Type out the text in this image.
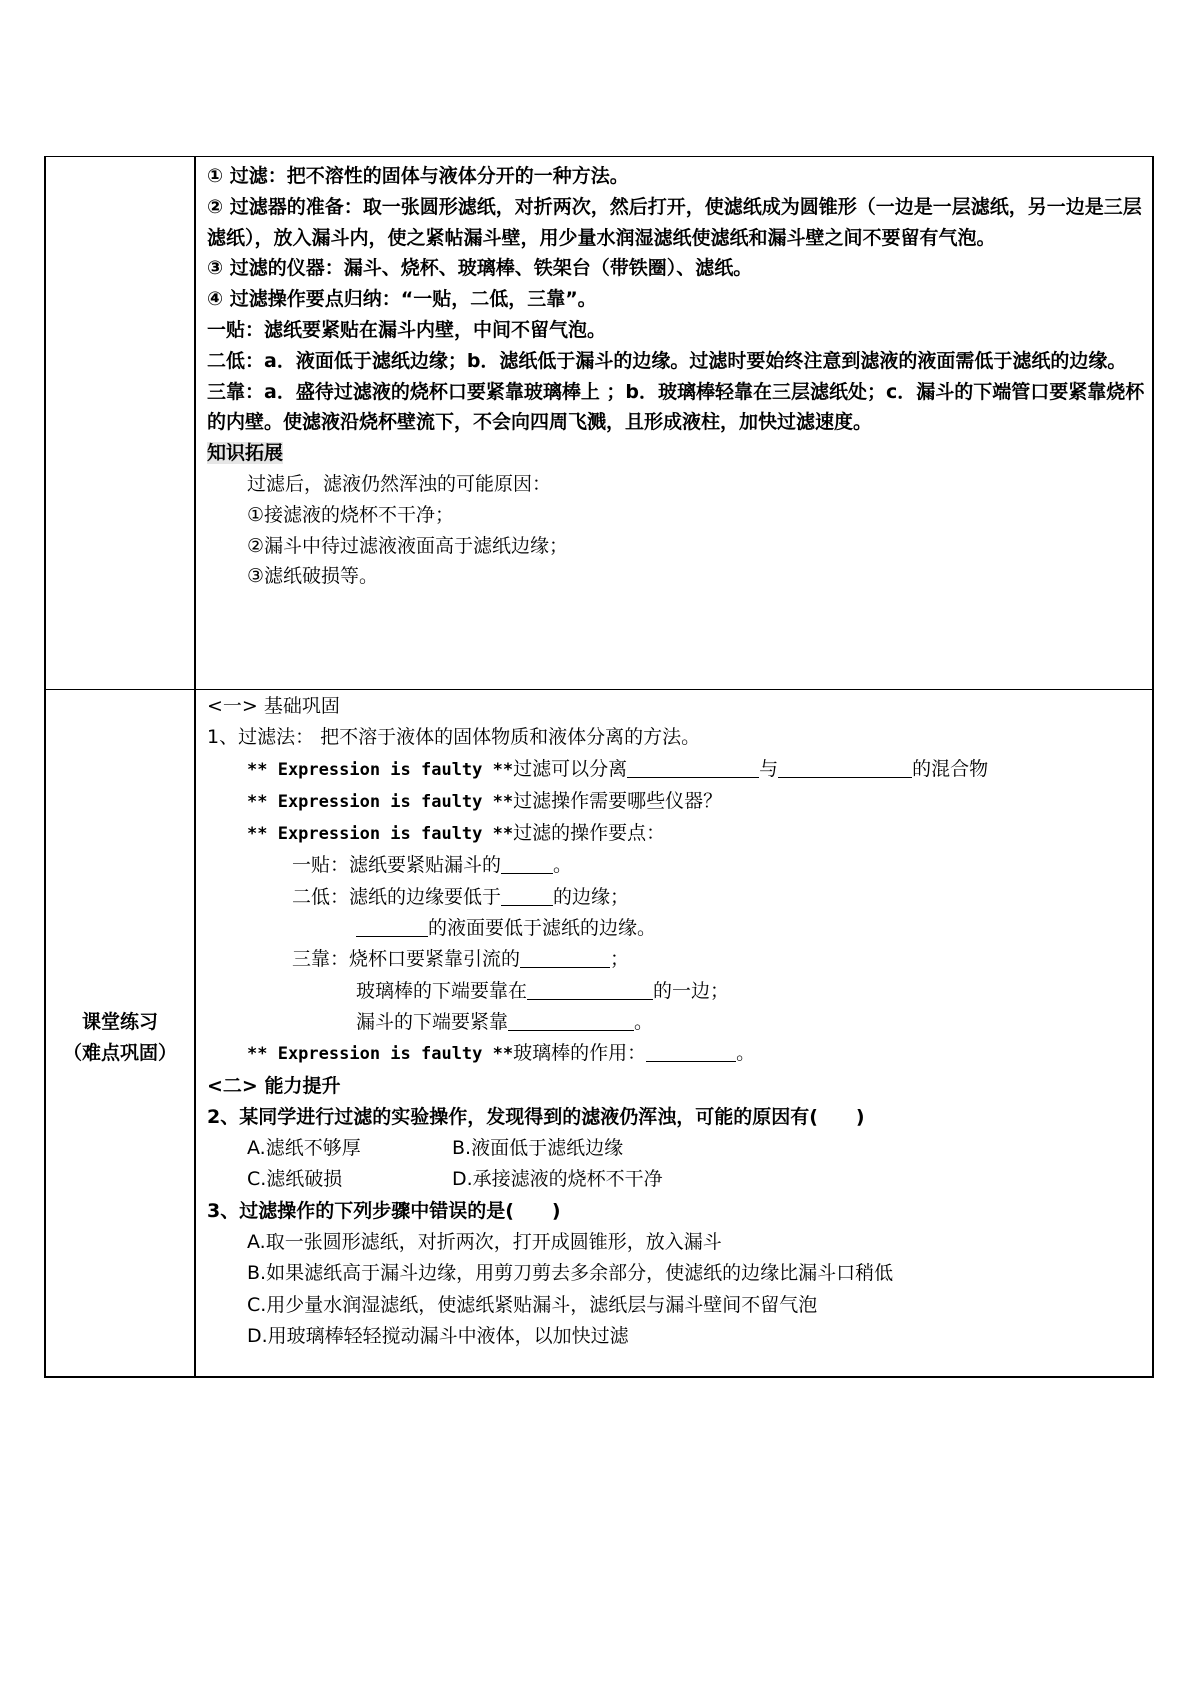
① 过滤：把不溶性的固体与液体分开的一种方法。

② 过滤器的准备：取一张圆形滤纸，对折两次，然后打开，使滤纸成为圆锥形（一边是一层滤纸，另一边是三层滤纸），放入漏斗内，使之紧帖漏斗壁，用少量水润湿滤纸使滤纸和漏斗壁之间不要留有气泡。

③ 过滤的仪器：漏斗、烧杯、玻璃棒、铁架台（带铁圈）、滤纸。

④ 过滤操作要点归纳：“一贴，二低，三靠”。

一贴：滤纸要紧贴在漏斗内壁，中间不留气泡。

二低：a．液面低于滤纸边缘；b．滤纸低于漏斗的边缘。过滤时要始终注意到滤液的液面需低于滤纸的边缘。

三靠：a．盛待过滤液的烧杯口要紧靠玻璃棒上 ；b．玻璃棒轻靠在三层滤纸处；c．漏斗的下端管口要紧靠烧杯的内壁。使滤液沿烧杯壁流下，不会向四周飞溅，且形成液柱，加快过滤速度。

知识拓展

过滤后，滤液仍然浑浊的可能原因：

①接滤液的烧杯不干净；

②漏斗中待过滤液液面高于滤纸边缘；

③滤纸破损等。

课堂练习
（难点巩固）

<一> 基础巩固

1、过滤法： 把不溶于液体的固体物质和液体分离的方法。

** Expression is faulty **过滤可以分离	与	的混合物

** Expression is faulty **过滤操作需要哪些仪器？

** Expression is faulty **过滤的操作要点：

一贴：滤纸要紧贴漏斗的	。

二低：滤纸的边缘要低于	的边缘；

的液面要低于滤纸的边缘。

三靠：烧杯口要紧靠引流的	；

玻璃棒的下端要靠在	的一边；

漏斗的下端要紧靠	。

** Expression is faulty **玻璃棒的作用：	。

<二> 能力提升

2、某同学进行过滤的实验操作，发现得到的滤液仍浑浊，可能的原因有(　　)

A.滤纸不够厚	B.液面低于滤纸边缘

C.滤纸破损	D.承接滤液的烧杯不干净

3、过滤操作的下列步骤中错误的是(　　)

A.取一张圆形滤纸，对折两次，打开成圆锥形，放入漏斗

B.如果滤纸高于漏斗边缘，用剪刀剪去多余部分，使滤纸的边缘比漏斗口稍低

C.用少量水润湿滤纸，使滤纸紧贴漏斗，滤纸层与漏斗壁间不留气泡

D.用玻璃棒轻轻搅动漏斗中液体，以加快过滤
